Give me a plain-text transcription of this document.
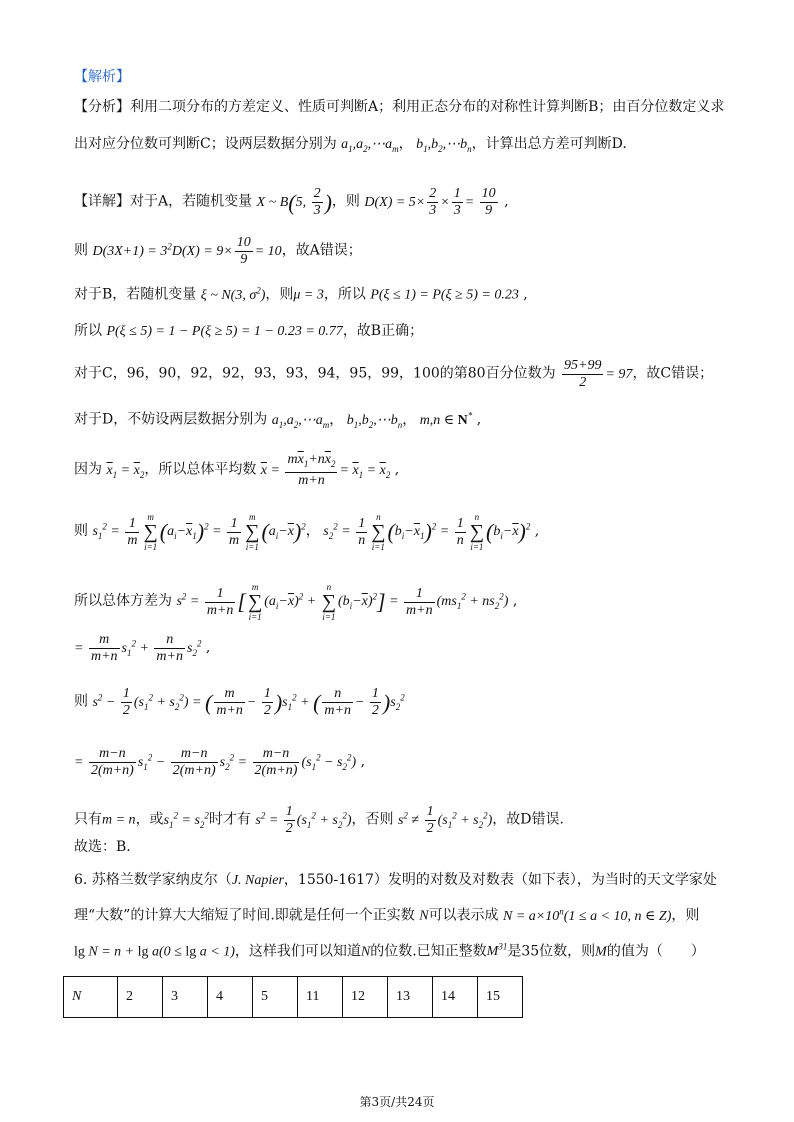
【解析】
【分析】利用二项分布的方差定义、性质可判断A；利用正态分布的对称性计算判断B；由百分位数定义求
出对应分位数可判断C；设两层数据分别为 $a_1,a_2,\cdots a_m$， $b_1,b_2,\cdots b_n$，计算出总方差可判断D.
【详解】对于A，若随机变量 X ~ B(5, $\frac{2}{3}$ )，则 $D(X) = 5\times \frac{2}{3} \times \frac{1}{3} = \frac{10}{9}$ ,
则 $D(3X+1) = 3^2D(X) = 9\times \frac{10}{9} = 10$，故A错误；
对于B，若随机变量 ξ ~ N(3, $\sigma^2$)，则μ = 3，所以 P(ξ ≤ 1) = P(ξ ≥ 5) = 0.23 ,
所以 P(ξ ≤ 5) = 1 − P(ξ ≥ 5) = 1 − 0.23 = 0.77，故B正确；
对于C，96，90，92，92，93，93，94，95，99，100的第80百分位数为 $\frac{95+99}{2} = 97$，故C错误；
对于D，不妨设两层数据分别为 $a_1,a_2,\cdots a_m$， $b_1,b_2,\cdots b_n$， m,n ∈ N* ,
因为 $\overline{x}_1 = \overline{x}_2$，所以总体平均数 $\overline{x} = \frac{m\overline{x}_1+n\overline{x}_2}{m+n} = \overline{x}_1 = \overline{x}_2$ ,
则 $s_1^2 = \frac{1}{m}$ m
∑
$i=1(a_i-\overline{x}_1)^2 = \frac{1}{m}$ m
∑
$i=1(a_i-\overline{x})^2$， $s_2^2 = \frac{1}{n}$ n
∑
$i=1(b_i-\overline{x}_1)^2 = \frac{1}{n}$ n
∑
$i=1(b_i-\overline{x})^2$ ,
所以总体方差为 $s^2 = \frac{1}{m+n} [m$
∑
$i=1(a_i-\overline{x})^2 + n$
∑
$i=1(b_i-\overline{x})^2] = \frac{1}{m+n} (ms_1^2 + ns_2^2)$ ,
= $\frac{m}{m+n} s_1^2 + \frac{n}{m+n} s_2^2$ ,
则 $s^2 - \frac{1}{2} (s_1^2 + s_2^2)$ = ( $\frac{m}{m+n} - \frac{1}{2} )s_1^2$ + ( $\frac{n}{m+n} - \frac{1}{2} )s_2^2$
= $\frac{m-n}{2(m+n)} s_1^2 - \frac{m-n}{2(m+n)} s_2^2 = \frac{m-n}{2(m+n)} (s_1^2 - s_2^2)$ ,
只有m = n，或$s_1^2 = s_2^2$时才有 $s^2 = \frac{1}{2} (s_1^2 + s_2^2)$，否则 $s^2 \ne \frac{1}{2} (s_1^2 + s_2^2)$，故D错误.
故选：B.
6. 苏格兰数学家纳皮尔（J. Napier，1550-1617）发明的对数及对数表（如下表），为当时的天文学家处理“大数”的计算大大缩短了时间.即就是任何一个正实数 N可以表示成 $N = a\times 10^n(1 \le a < 10$, n ∈ Z)，则
lg N = n + lg a(0 ≤ lg a < 1)，这样我们可以知道N的位数.已知正整数$M^{31}$是35位数，则M的值为（　　）
N	2	3	4	5	11	12	13	14	15
第3页/共24页
